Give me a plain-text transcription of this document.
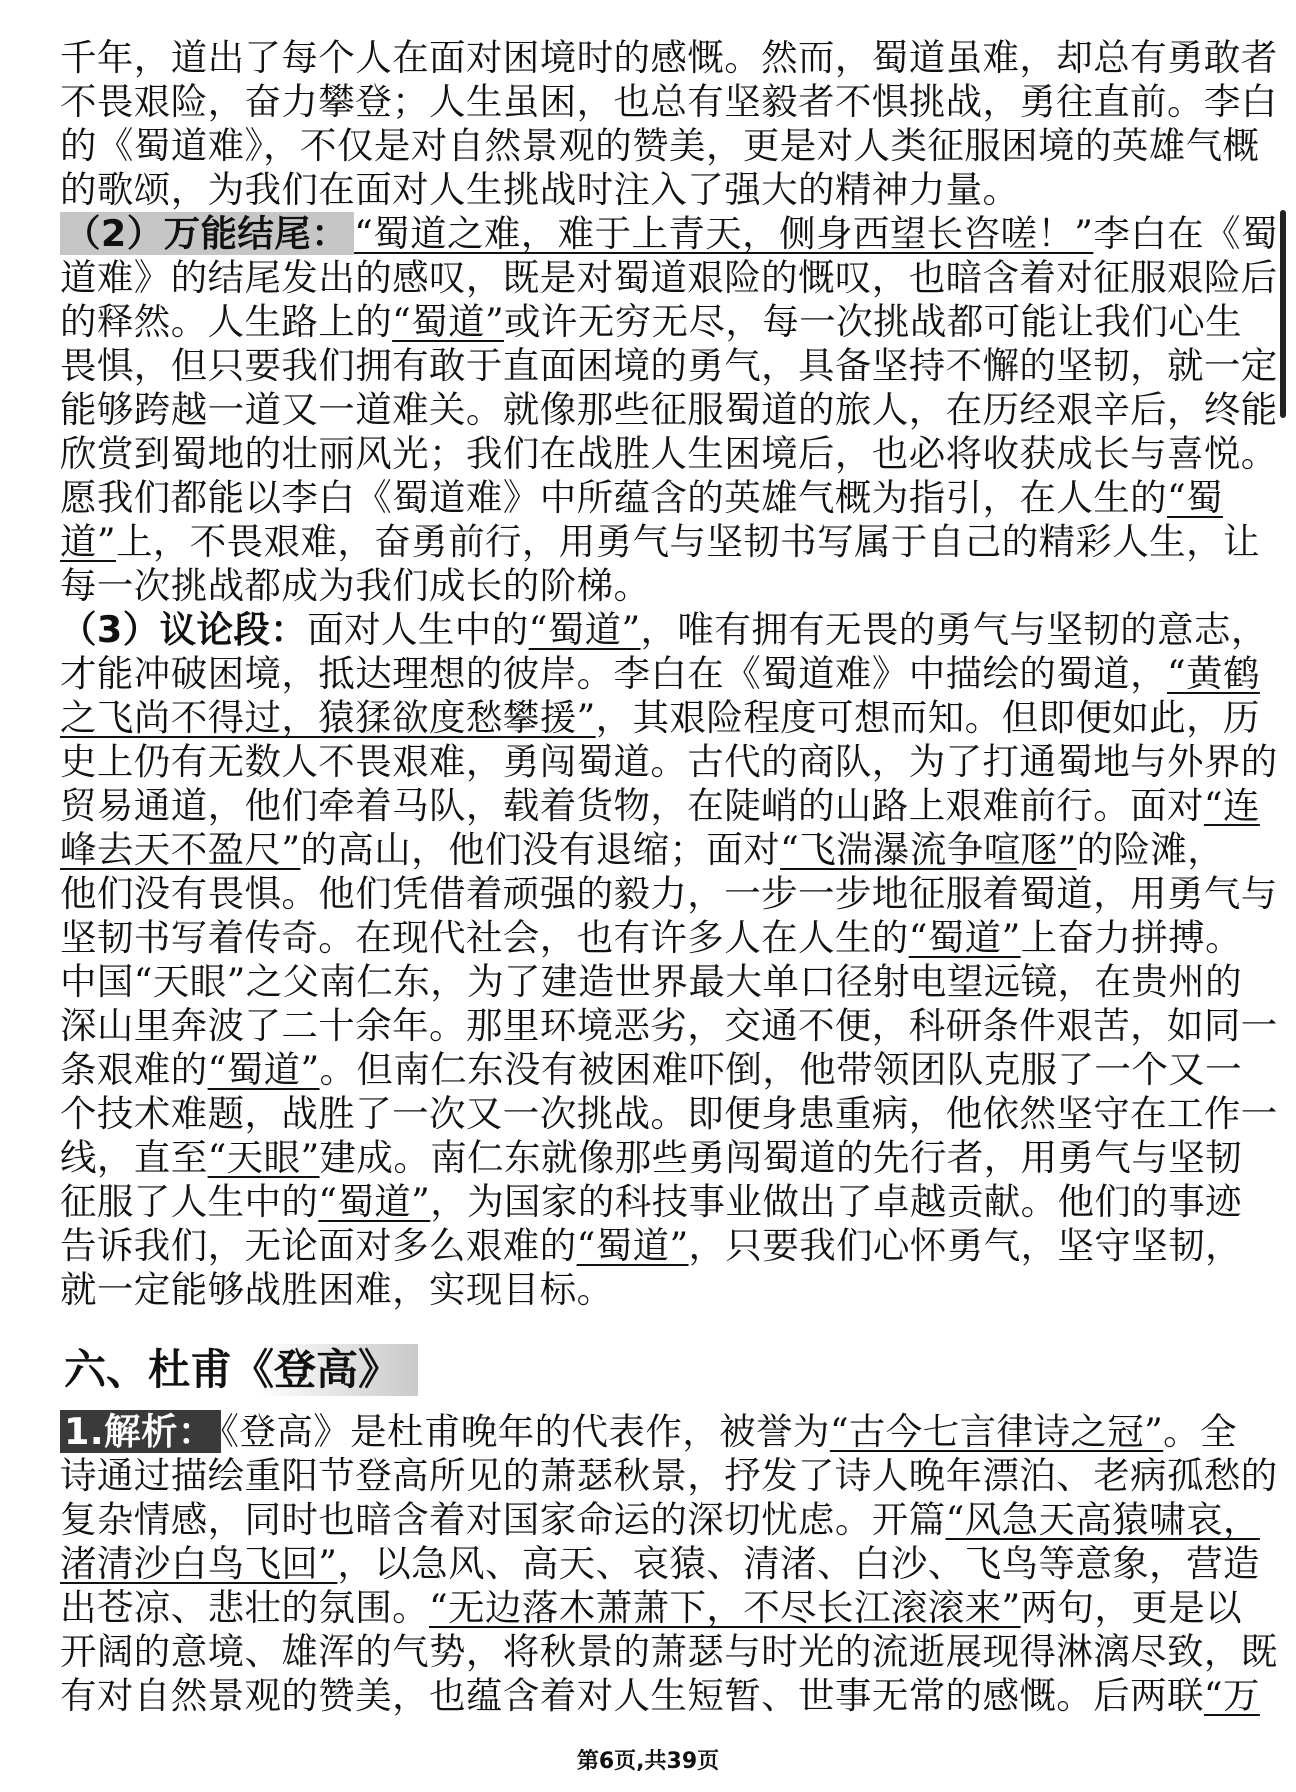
千年，道出了每个人在面对困境时的感慨。然而，蜀道虽难，却总有勇敢者
不畏艰险，奋力攀登；人生虽困，也总有坚毅者不惧挑战，勇往直前。李白
的《蜀道难》，不仅是对自然景观的赞美，更是对人类征服困境的英雄气概
的歌颂，为我们在面对人生挑战时注入了强大的精神力量。
（2）万能结尾： “蜀道之难，难于上青天，侧身西望长咨嗟！”李白在《蜀
道难》的结尾发出的感叹，既是对蜀道艰险的慨叹，也暗含着对征服艰险后
的释然。人生路上的“蜀道”或许无穷无尽，每一次挑战都可能让我们心生
畏惧，但只要我们拥有敢于直面困境的勇气，具备坚持不懈的坚韧，就一定
能够跨越一道又一道难关。就像那些征服蜀道的旅人，在历经艰辛后，终能
欣赏到蜀地的壮丽风光；我们在战胜人生困境后，也必将收获成长与喜悦。
愿我们都能以李白《蜀道难》中所蕴含的英雄气概为指引，在人生的“蜀
道”上，不畏艰难，奋勇前行，用勇气与坚韧书写属于自己的精彩人生，让
每一次挑战都成为我们成长的阶梯。
（3）议论段：面对人生中的“蜀道”，唯有拥有无畏的勇气与坚韧的意志，
才能冲破困境，抵达理想的彼岸。李白在《蜀道难》中描绘的蜀道，“黄鹤
之飞尚不得过，猿猱欲度愁攀援”，其艰险程度可想而知。但即便如此，历
史上仍有无数人不畏艰难，勇闯蜀道。古代的商队，为了打通蜀地与外界的
贸易通道，他们牵着马队，载着货物，在陡峭的山路上艰难前行。面对“连
峰去天不盈尺”的高山，他们没有退缩；面对“飞湍瀑流争喧豗”的险滩，
他们没有畏惧。他们凭借着顽强的毅力，一步一步地征服着蜀道，用勇气与
坚韧书写着传奇。在现代社会，也有许多人在人生的“蜀道”上奋力拼搏。
中国“天眼”之父南仁东，为了建造世界最大单口径射电望远镜，在贵州的
深山里奔波了二十余年。那里环境恶劣，交通不便，科研条件艰苦，如同一
条艰难的“蜀道”。但南仁东没有被困难吓倒，他带领团队克服了一个又一
个技术难题，战胜了一次又一次挑战。即便身患重病，他依然坚守在工作一
线，直至“天眼”建成。南仁东就像那些勇闯蜀道的先行者，用勇气与坚韧
征服了人生中的“蜀道”，为国家的科技事业做出了卓越贡献。他们的事迹
告诉我们，无论面对多么艰难的“蜀道”，只要我们心怀勇气，坚守坚韧，
就一定能够战胜困难，实现目标。
六、杜甫《登高》
1.解析： 《登高》是杜甫晚年的代表作，被誉为“古今七言律诗之冠”。全
诗通过描绘重阳节登高所见的萧瑟秋景，抒发了诗人晚年漂泊、老病孤愁的
复杂情感，同时也暗含着对国家命运的深切忧虑。开篇“风急天高猿啸哀，
渚清沙白鸟飞回”，以急风、高天、哀猿、清渚、白沙、飞鸟等意象，营造
出苍凉、悲壮的氛围。“无边落木萧萧下，不尽长江滚滚来”两句，更是以
开阔的意境、雄浑的气势，将秋景的萧瑟与时光的流逝展现得淋漓尽致，既
有对自然景观的赞美，也蕴含着对人生短暂、世事无常的感慨。后两联“万
第6页,共39页
